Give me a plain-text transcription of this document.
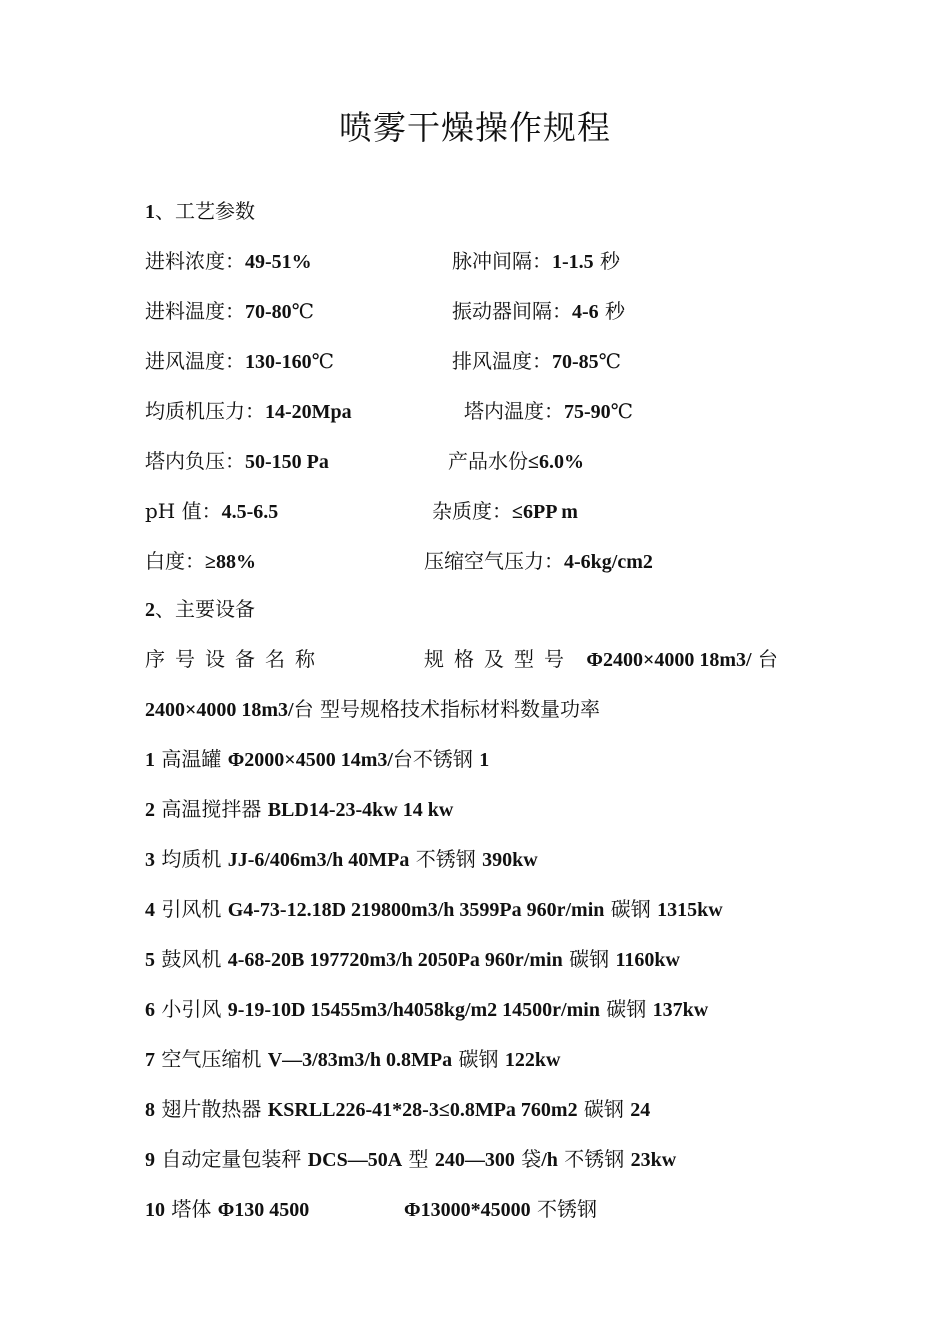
喷雾干燥操作规程
1、工艺参数
进料浓度：49-51%	脉冲间隔：1-1.5 秒
进料温度：70-80℃	振动器间隔：4-6 秒
进风温度：130-160℃	排风温度：70-85℃
均质机压力：14-20Mpa	塔内温度：75-90℃
塔内负压：50-150 Pa	产品水份≤6.0%
pH 值：4.5-6.5	杂质度：≤6PP m
白度：≥88%	压缩空气压力：4-6kg/cm2
2、主要设备
序号设备名称	规格及型号 Φ2400×4000 18m3/ 台
2400×4000 18m3/台 型号规格技术指标材料数量功率
1 高温罐 Φ2000×4500 14m3/台不锈钢 1
2 高温搅拌器 BLD14-23-4kw 14 kw
3 均质机 JJ-6/406m3/h 40MPa 不锈钢 390kw
4 引风机 G4-73-12.18D 219800m3/h 3599Pa 960r/min 碳钢 1315kw
5 鼓风机 4-68-20B 197720m3/h 2050Pa 960r/min 碳钢 1160kw
6 小引风 9-19-10D 15455m3/h4058kg/m2 14500r/min 碳钢 137kw
7 空气压缩机 V—3/83m3/h 0.8MPa 碳钢 122kw
8 翅片散热器 KSRLL226-41*28-3≤0.8MPa 760m2 碳钢 24
9 自动定量包装秤 DCS—50A 型 240—300 袋/h 不锈钢 23kw
10 塔体 Φ130 4500	Φ13000*45000 不锈钢
